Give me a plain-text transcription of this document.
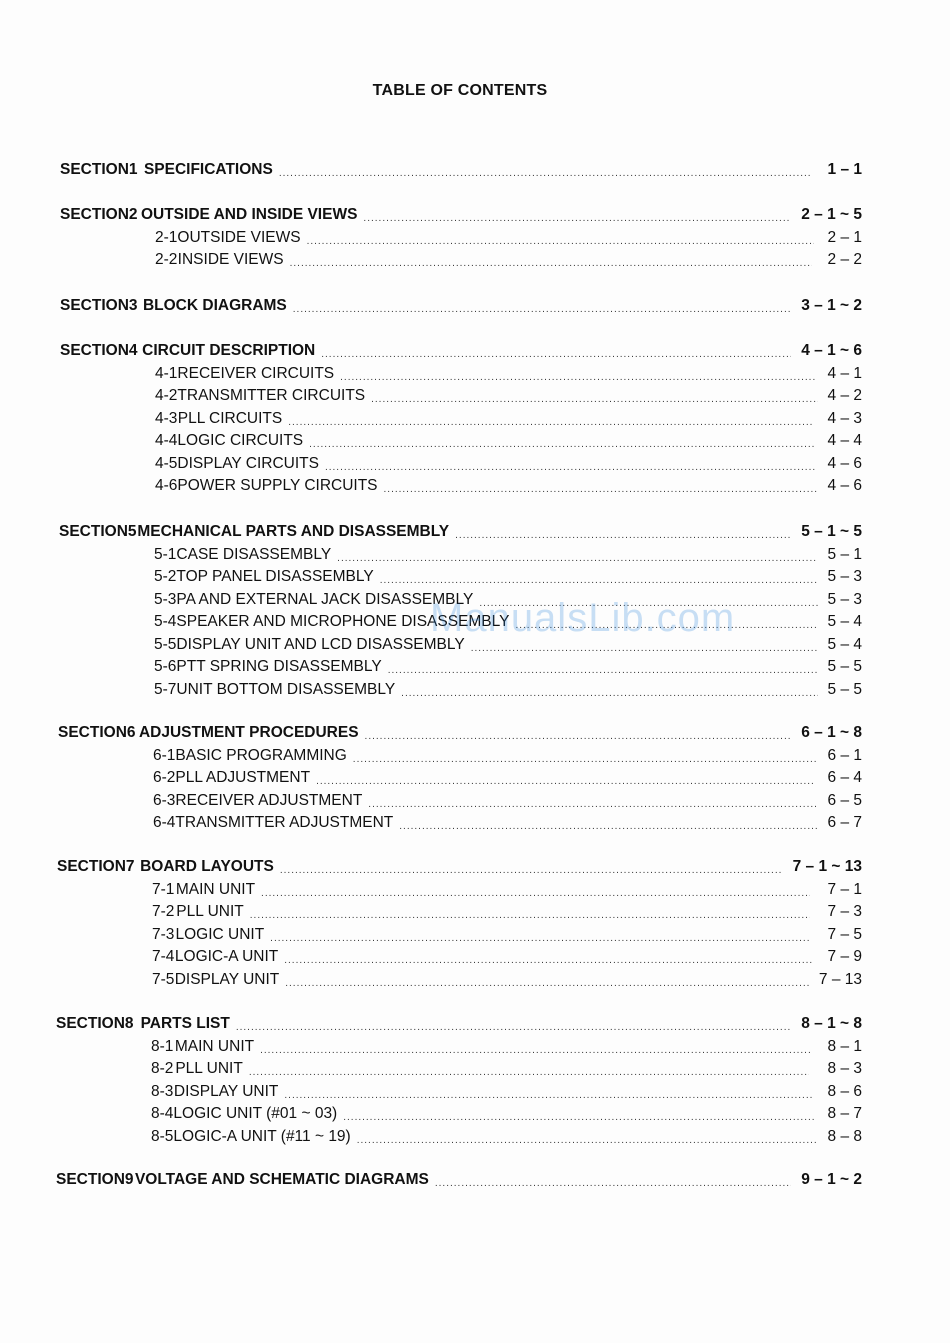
TABLE OF CONTENTS
SECTION 1 SPECIFICATIONS .....	1 – 1
SECTION 2 OUTSIDE AND INSIDE VIEWS .....	2 – 1 ~ 5
2-1 OUTSIDE VIEWS .....	2 – 1
2-2 INSIDE VIEWS .....	2 – 2
SECTION 3 BLOCK DIAGRAMS .....	3 – 1 ~ 2
SECTION 4 CIRCUIT DESCRIPTION .....	4 – 1 ~ 6
4-1 RECEIVER CIRCUITS .....	4 – 1
4-2 TRANSMITTER CIRCUITS .....	4 – 2
4-3 PLL CIRCUITS .....	4 – 3
4-4 LOGIC CIRCUITS .....	4 – 4
4-5 DISPLAY CIRCUITS .....	4 – 6
4-6 POWER SUPPLY CIRCUITS .....	4 – 6
SECTION 5 MECHANICAL PARTS AND DISASSEMBLY .....	5 – 1 ~ 5
5-1 CASE DISASSEMBLY .....	5 – 1
5-2 TOP PANEL DISASSEMBLY .....	5 – 3
5-3 PA AND EXTERNAL JACK DISASSEMBLY .....	5 – 3
5-4 SPEAKER AND MICROPHONE DISASSEMBLY .....	5 – 4
5-5 DISPLAY UNIT AND LCD DISASSEMBLY .....	5 – 4
5-6 PTT SPRING DISASSEMBLY .....	5 – 5
5-7 UNIT BOTTOM DISASSEMBLY .....	5 – 5
SECTION 6 ADJUSTMENT PROCEDURES .....	6 – 1 ~ 8
6-1 BASIC PROGRAMMING .....	6 – 1
6-2 PLL ADJUSTMENT .....	6 – 4
6-3 RECEIVER ADJUSTMENT .....	6 – 5
6-4 TRANSMITTER ADJUSTMENT .....	6 – 7
SECTION 7 BOARD LAYOUTS .....	7 – 1 ~ 13
7-1 MAIN UNIT .....	7 – 1
7-2 PLL UNIT .....	7 – 3
7-3 LOGIC UNIT .....	7 – 5
7-4 LOGIC-A UNIT .....	7 – 9
7-5 DISPLAY UNIT .....	7 – 13
SECTION 8 PARTS LIST .....	8 – 1 ~ 8
8-1 MAIN UNIT .....	8 – 1
8-2 PLL UNIT .....	8 – 3
8-3 DISPLAY UNIT .....	8 – 6
8-4 LOGIC UNIT (#01 ~ 03) .....	8 – 7
8-5 LOGIC-A UNIT (#11 ~ 19) .....	8 – 8
SECTION 9 VOLTAGE AND SCHEMATIC DIAGRAMS .....	9 – 1 ~ 2
ManualsLib.com
